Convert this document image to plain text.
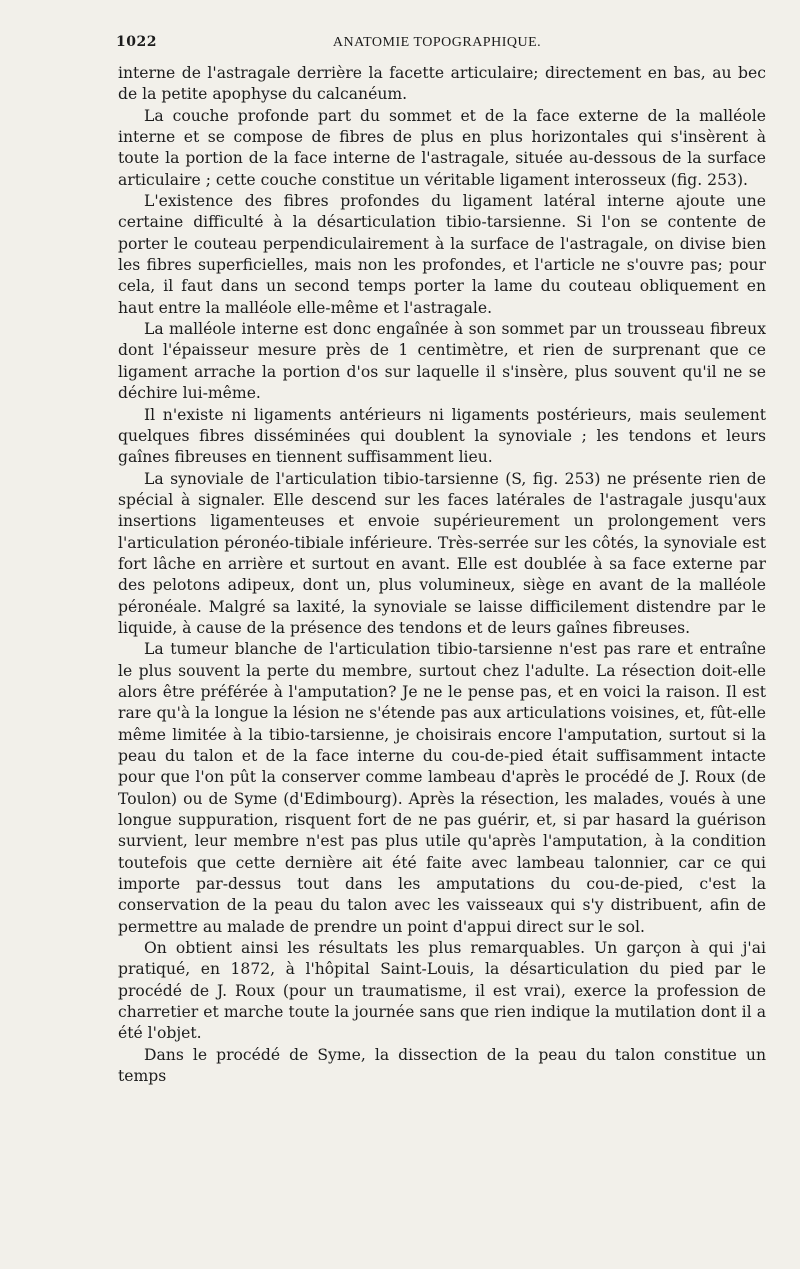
1022	ANATOMIE TOPOGRAPHIQUE.

interne de l'astragale derrière la facette articulaire; directement en bas, au bec de la petite apophyse du calcanéum.

La couche profonde part du sommet et de la face externe de la malléole interne et se compose de fibres de plus en plus horizontales qui s'insèrent à toute la portion de la face interne de l'astragale, située au-dessous de la surface articulaire ; cette couche constitue un véritable ligament interosseux (fig. 253).

L'existence des fibres profondes du ligament latéral interne ajoute une certaine difficulté à la désarticulation tibio-tarsienne. Si l'on se contente de porter le couteau perpendiculairement à la surface de l'astragale, on divise bien les fibres superficielles, mais non les profondes, et l'article ne s'ouvre pas; pour cela, il faut dans un second temps porter la lame du couteau obliquement en haut entre la malléole elle-même et l'astragale.

La malléole interne est donc engaînée à son sommet par un trousseau fibreux dont l'épaisseur mesure près de 1 centimètre, et rien de surprenant que ce ligament arrache la portion d'os sur laquelle il s'insère, plus souvent qu'il ne se déchire lui-même.

Il n'existe ni ligaments antérieurs ni ligaments postérieurs, mais seulement quelques fibres disséminées qui doublent la synoviale ; les tendons et leurs gaînes fibreuses en tiennent suffisamment lieu.

La synoviale de l'articulation tibio-tarsienne (S, fig. 253) ne présente rien de spécial à signaler. Elle descend sur les faces latérales de l'astragale jusqu'aux insertions ligamenteuses et envoie supérieurement un prolongement vers l'articulation péronéo-tibiale inférieure. Très-serrée sur les côtés, la synoviale est fort lâche en arrière et surtout en avant. Elle est doublée à sa face externe par des pelotons adipeux, dont un, plus volumineux, siège en avant de la malléole péronéale. Malgré sa laxité, la synoviale se laisse difficilement distendre par le liquide, à cause de la présence des tendons et de leurs gaînes fibreuses.

La tumeur blanche de l'articulation tibio-tarsienne n'est pas rare et entraîne le plus souvent la perte du membre, surtout chez l'adulte. La résection doit-elle alors être préférée à l'amputation? Je ne le pense pas, et en voici la raison. Il est rare qu'à la longue la lésion ne s'étende pas aux articulations voisines, et, fût-elle même limitée à la tibio-tarsienne, je choisirais encore l'amputation, surtout si la peau du talon et de la face interne du cou-de-pied était suffisamment intacte pour que l'on pût la conserver comme lambeau d'après le procédé de J. Roux (de Toulon) ou de Syme (d'Edimbourg). Après la résection, les malades, voués à une longue suppuration, risquent fort de ne pas guérir, et, si par hasard la guérison survient, leur membre n'est pas plus utile qu'après l'amputation, à la condition toutefois que cette dernière ait été faite avec lambeau talonnier, car ce qui importe par-dessus tout dans les amputations du cou-de-pied, c'est la conservation de la peau du talon avec les vaisseaux qui s'y distribuent, afin de permettre au malade de prendre un point d'appui direct sur le sol.

On obtient ainsi les résultats les plus remarquables. Un garçon à qui j'ai pratiqué, en 1872, à l'hôpital Saint-Louis, la désarticulation du pied par le procédé de J. Roux (pour un traumatisme, il est vrai), exerce la profession de charretier et marche toute la journée sans que rien indique la mutilation dont il a été l'objet.

Dans le procédé de Syme, la dissection de la peau du talon constitue un temps
